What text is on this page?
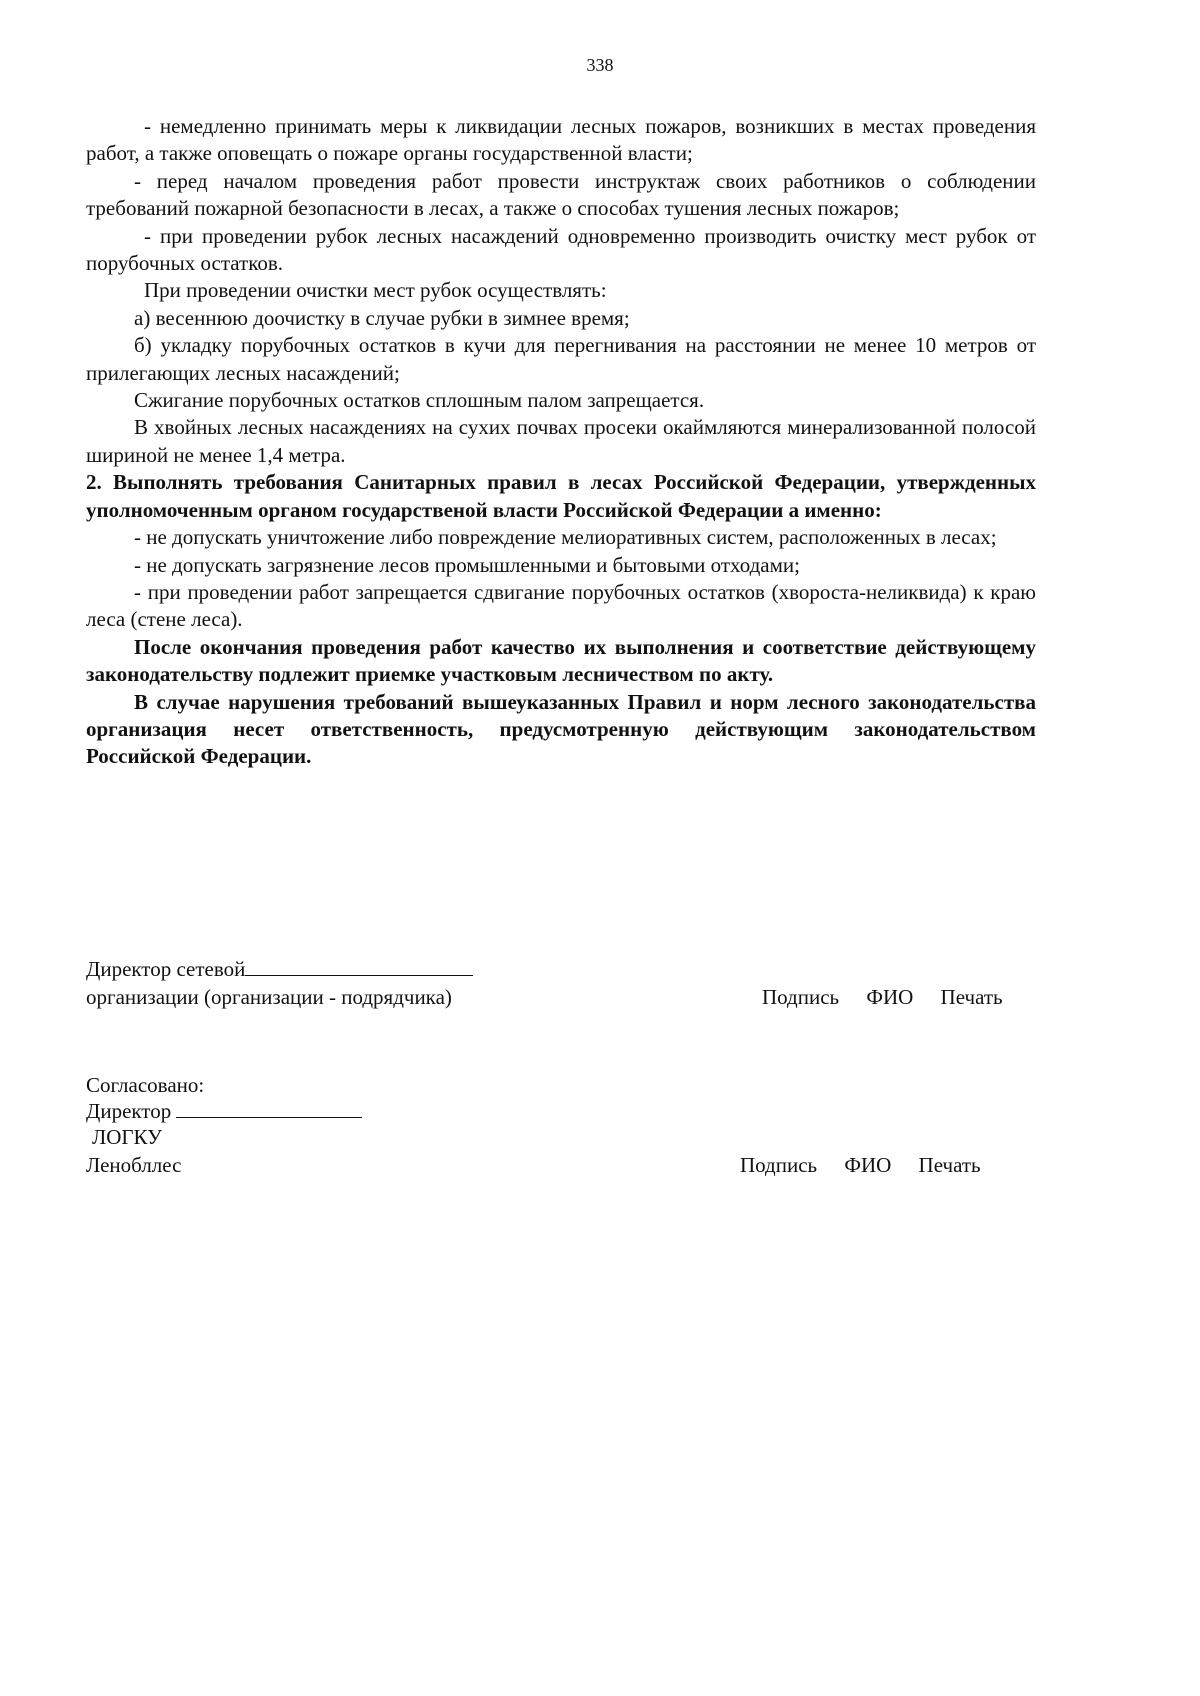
338

- немедленно принимать меры к ликвидации лесных пожаров, возникших в местах проведения работ, а также оповещать о пожаре органы государственной власти;

- перед началом проведения работ провести инструктаж своих работников о соблюдении требований пожарной безопасности в лесах, а также о способах тушения лесных пожаров;

- при проведении рубок лесных насаждений одновременно производить очистку мест рубок от порубочных остатков.

При проведении очистки мест рубок осуществлять:

а) весеннюю доочистку в случае рубки в зимнее время;

б) укладку порубочных остатков в кучи для перегнивания на расстоянии не менее 10 метров от прилегающих лесных насаждений;

Сжигание порубочных остатков сплошным палом запрещается.

В хвойных лесных насаждениях на сухих почвах просеки окаймляются минерализованной полосой шириной не менее 1,4 метра.

2. Выполнять требования Санитарных правил в лесах Российской Федерации, утвержденных уполномоченным органом государственой власти Российской Федерации а именно:

- не допускать уничтожение либо повреждение мелиоративных систем, расположенных в лесах;

- не допускать загрязнение лесов промышленными и бытовыми отходами;

- при проведении работ запрещается сдвигание порубочных остатков (хвороста-неликвида) к краю леса (стене леса).

После окончания проведения работ качество их выполнения и соответствие действующему законодательству подлежит приемке участковым лесничеством по акту.

В случае нарушения требований вышеуказанных Правил и норм лесного законодательства организация несет ответственность, предусмотренную действующим законодательством Российской Федерации.

Директор сетевой
организации (организации - подрядчика)	Подпись ФИО Печать
Согласовано:
Директор
ЛОГКУ
Ленобллес	Подпись ФИО Печать
